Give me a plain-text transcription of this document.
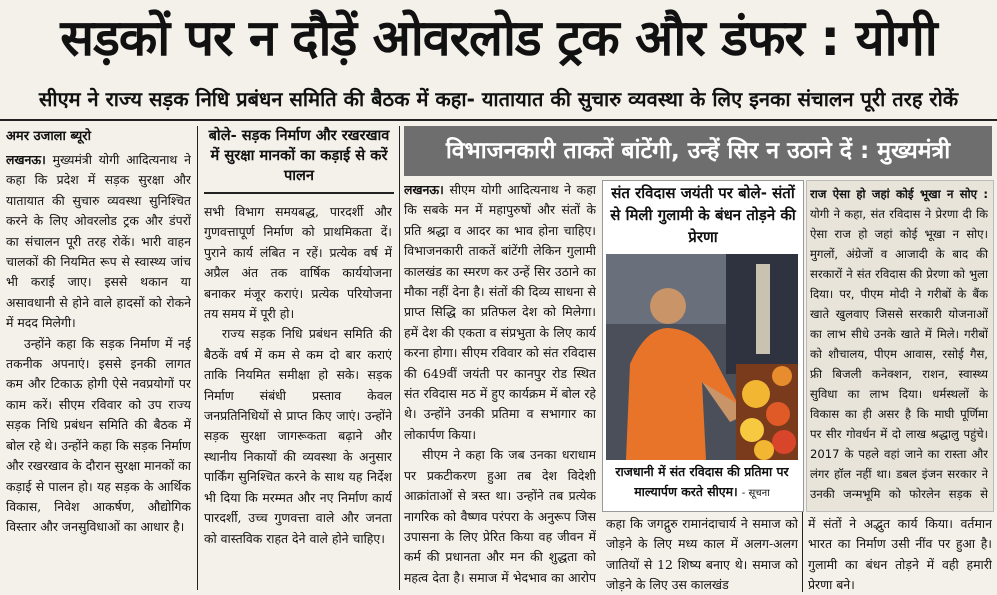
सड़कों पर न दौड़ें ओवरलोड ट्रक और डंफर : योगी
सीएम ने राज्य सड़क निधि प्रबंधन समिति की बैठक में कहा- यातायात की सुचारु व्यवस्था के लिए इनका संचालन पूरी तरह रोकें
अमर उजाला ब्यूरो

लखनऊ। मुख्यमंत्री योगी आदित्यनाथ ने कहा कि प्रदेश में सड़क सुरक्षा और यातायात की सुचारु व्यवस्था सुनिश्चित करने के लिए ओवरलोड ट्रक और डंपरों का संचालन पूरी तरह रोकें। भारी वाहन चालकों की नियमित रूप से स्वास्थ्य जांच भी कराई जाए। इससे थकान या असावधानी से होने वाले हादसों को रोकने में मदद मिलेगी।

उन्होंने कहा कि सड़क निर्माण में नई तकनीक अपनाएं। इससे इनकी लागत कम और टिकाऊ होगी ऐसे नवप्रयोगों पर काम करें। सीएम रविवार को उप राज्य सड़क निधि प्रबंधन समिति की बैठक में बोल रहे थे। उन्होंने कहा कि सड़क निर्माण और रखरखाव के दौरान सुरक्षा मानकों का कड़ाई से पालन हो। यह सड़क के आर्थिक विकास, निवेश आकर्षण, औद्योगिक विस्तार और जनसुविधाओं का आधार है।

बोले- सड़क निर्माण और रखरखाव में सुरक्षा मानकों का कड़ाई से करें पालन

सभी विभाग समयबद्ध, पारदर्शी और गुणवत्तापूर्ण निर्माण को प्राथमिकता दें। पुराने कार्य लंबित न रहें। प्रत्येक वर्ष में अप्रैल अंत तक वार्षिक कार्ययोजना बनाकर मंजूर कराएं। प्रत्येक परियोजना तय समय में पूरी हो।

राज्य सड़क निधि प्रबंधन समिति की बैठकें वर्ष में कम से कम दो बार कराएं ताकि नियमित समीक्षा हो सके। सड़क निर्माण संबंधी प्रस्ताव केवल जनप्रतिनिधियों से प्राप्त किए जाएं। उन्होंने सड़क सुरक्षा जागरूकता बढ़ाने और स्थानीय निकायों की व्यवस्था के अनुसार पार्किंग सुनिश्चित करने के साथ यह निर्देश भी दिया कि मरम्मत और नए निर्माण कार्य पारदर्शी, उच्च गुणवत्ता वाले और जनता को वास्तविक राहत देने वाले होने चाहिए।

विभाजनकारी ताकतें बांटेंगी, उन्हें सिर न उठाने दें : मुख्यमंत्री

लखनऊ। सीएम योगी आदित्यनाथ ने कहा कि सबके मन में महापुरुषों और संतों के प्रति श्रद्धा व आदर का भाव होना चाहिए। विभाजनकारी ताकतें बांटेंगी लेकिन गुलामी कालखंड का स्मरण कर उन्हें सिर उठाने का मौका नहीं देना है। संतों की दिव्य साधना से प्राप्त सिद्धि का प्रतिफल देश को मिलेगा। हमें देश की एकता व संप्रभुता के लिए कार्य करना होगा। सीएम रविवार को संत रविदास की 649वीं जयंती पर कानपुर रोड स्थित संत रविदास मठ में हुए कार्यक्रम में बोल रहे थे। उन्होंने उनकी प्रतिमा व सभागार का लोकार्पण किया।

सीएम ने कहा कि जब उनका धराधाम पर प्रकटीकरण हुआ तब देश विदेशी आक्रांताओं से त्रस्त था। उन्होंने तब प्रत्येक नागरिक को वैष्णव परंपरा के अनुरूप जिस उपासना के लिए प्रेरित किया वह जीवन में कर्म की प्रधानता और मन की शुद्धता को महत्व देता है। समाज में भेदभाव का आरोप

संत रविदास जयंती पर बोले- संतों से मिली गुलामी के बंधन तोड़ने की प्रेरणा
राजधानी में संत रविदास की प्रतिमा पर माल्यार्पण करते सीएम। - सूचना

राज ऐसा हो जहां कोई भूखा न सोए : योगी ने कहा, संत रविदास ने प्रेरणा दी कि ऐसा राज हो जहां कोई भूखा न सोए। मुगलों, अंग्रेजों व आजादी के बाद की सरकारों ने संत रविदास की प्रेरणा को भुला दिया। पर, पीएम मोदी ने गरीबों के बैंक खाते खुलवाए जिससे सरकारी योजनाओं का लाभ सीधे उनके खाते में मिले। गरीबों को शौचालय, पीएम आवास, रसोई गैस, फ्री बिजली कनेक्शन, राशन, स्वास्थ्य सुविधा का लाभ दिया। धर्मस्थलों के विकास का ही असर है कि माघी पूर्णिमा पर सीर गोवर्धन में दो लाख श्रद्धालु पहुंचे। 2017 के पहले वहां जाने का रास्ता और लंगर हॉल नहीं था। डबल इंजन सरकार ने उनकी जन्मभूमि को फोरलेन सड़क से

कहा कि जगद्गुरु रामानंदाचार्य ने समाज को जोड़ने के लिए मध्य काल में अलग-अलग जातियों से 12 शिष्य बनाए थे। समाज को जोड़ने के लिए उस कालखंड

में संतों ने अद्भुत कार्य किया। वर्तमान भारत का निर्माण उसी नींव पर हुआ है। गुलामी का बंधन तोड़ने में वही हमारी प्रेरणा बने।
